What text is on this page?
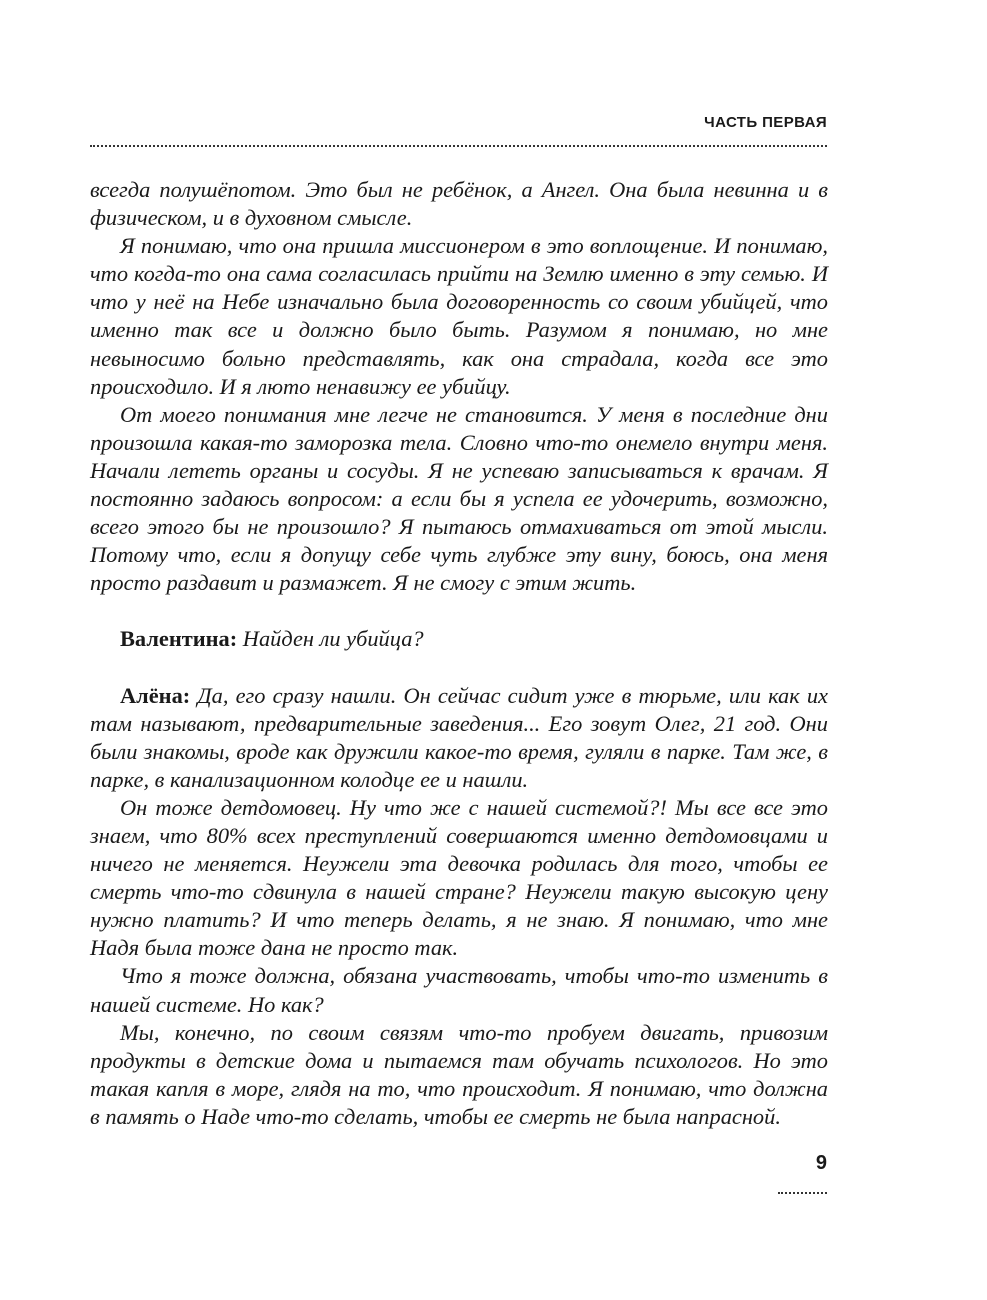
ЧАСТЬ ПЕРВАЯ

всегда полушёпотом. Это был не ребёнок, а Ангел. Она была невинна и в физическом, и в духовном смысле.

Я понимаю, что она пришла миссионером в это воплощение. И понимаю, что когда-то она сама согласилась прийти на Землю именно в эту семью. И что у неё на Небе изначально была договоренность со своим убийцей, что именно так все и должно было быть. Разумом я понимаю, но мне невыносимо больно представлять, как она страдала, когда все это происходило. И я люто ненавижу ее убийцу.

От моего понимания мне легче не становится. У меня в последние дни произошла какая-то заморозка тела. Словно что-то онемело внутри меня. Начали лететь органы и сосуды. Я не успеваю записываться к врачам. Я постоянно задаюсь вопросом: а если бы я успела ее удочерить, возможно, всего этого бы не произошло? Я пытаюсь отмахиваться от этой мысли. Потому что, если я допущу себе чуть глубже эту вину, боюсь, она меня просто раздавит и размажет. Я не смогу с этим жить.

Валентина: Найден ли убийца?

Алёна: Да, его сразу нашли. Он сейчас сидит уже в тюрьме, или как их там называют, предварительные заведения... Его зовут Олег, 21 год. Они были знакомы, вроде как дружили какое-то время, гуляли в парке. Там же, в парке, в канализационном колодце ее и нашли.

Он тоже детдомовец. Ну что же с нашей системой?! Мы все все это знаем, что 80% всех преступлений совершаются именно детдомовцами и ничего не меняется. Неужели эта девочка родилась для того, чтобы ее смерть что-то сдвинула в нашей стране? Неужели такую высокую цену нужно платить? И что теперь делать, я не знаю. Я понимаю, что мне Надя была тоже дана не просто так.

Что я тоже должна, обязана участвовать, чтобы что-то изменить в нашей системе. Но как?

Мы, конечно, по своим связям что-то пробуем двигать, привозим продукты в детские дома и пытаемся там обучать психологов. Но это такая капля в море, глядя на то, что происходит. Я понимаю, что должна в память о Наде что-то сделать, чтобы ее смерть не была напрасной.

9
